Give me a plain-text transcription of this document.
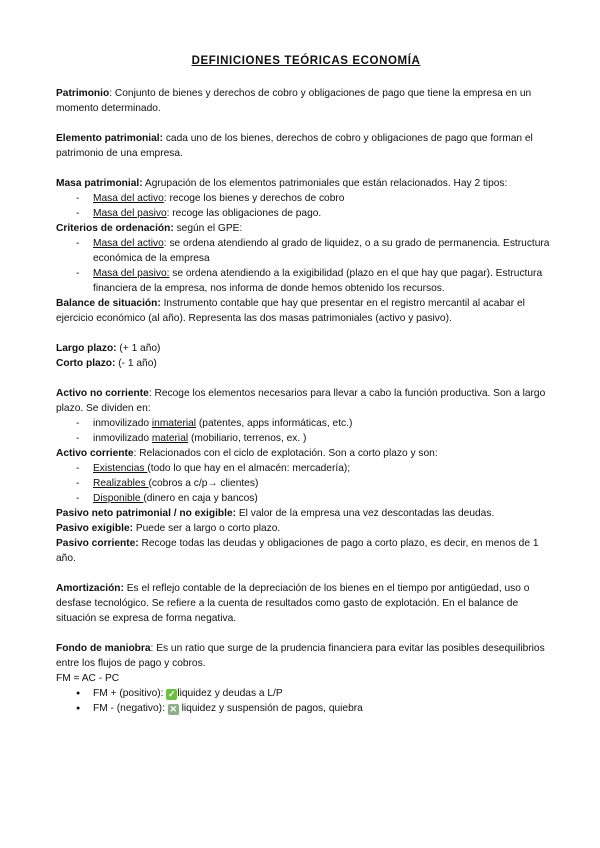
DEFINICIONES TEÓRICAS ECONOMÍA

Patrimonio: Conjunto de bienes y derechos de cobro y obligaciones de pago que tiene la empresa en un momento determinado.

Elemento patrimonial: cada uno de los bienes, derechos de cobro y obligaciones de pago que forman el patrimonio de una empresa.

Masa patrimonial: Agrupación de los elementos patrimoniales que están relacionados. Hay 2 tipos:

- Masa del activo: recoge los bienes y derechos de cobro
- Masa del pasivo: recoge las obligaciones de pago.

Criterios de ordenación: según el GPE:

- Masa del activo: se ordena atendiendo al grado de liquidez, o a su grado de permanencia. Estructura económica de la empresa
- Masa del pasivo: se ordena atendiendo a la exigibilidad (plazo en el que hay que pagar). Estructura financiera de la empresa, nos informa de donde hemos obtenido los recursos.

Balance de situación: Instrumento contable que hay que presentar en el registro mercantil al acabar el ejercicio económico (al año). Representa las dos masas patrimoniales (activo y pasivo).

Largo plazo: (+ 1 año)

Corto plazo: (- 1 año)

Activo no corriente: Recoge los elementos necesarios para llevar a cabo la función productiva. Son a largo plazo. Se dividen en:

- inmovilizado inmaterial (patentes, apps informáticas, etc.)
- inmovilizado material (mobiliario, terrenos, ex. )

Activo corriente: Relacionados con el ciclo de explotación. Son a corto plazo y son:

- Existencias (todo lo que hay en el almacén: mercadería);
- Realizables (cobros a c/p→ clientes)
- Disponible (dinero en caja y bancos)

Pasivo neto patrimonial / no exigible: El valor de la empresa una vez descontadas las deudas.

Pasivo exigible: Puede ser a largo o corto plazo.

Pasivo corriente: Recoge todas las deudas y obligaciones de pago a corto plazo, es decir, en menos de 1 año.

Amortización: Es el reflejo contable de la depreciación de los bienes en el tiempo por antigüedad, uso o desfase tecnológico. Se refiere a la cuenta de resultados como gasto de explotación. En el balance de situación se expresa de forma negativa.

Fondo de maniobra: Es un ratio que surge de la prudencia financiera para evitar las posibles desequilibrios entre los flujos de pago y cobros.

FM = AC - PC

● FM + (positivo): ✓ liquidez y deudas a L/P
● FM - (negativo): ✕ liquidez y suspensión de pagos, quiebra
